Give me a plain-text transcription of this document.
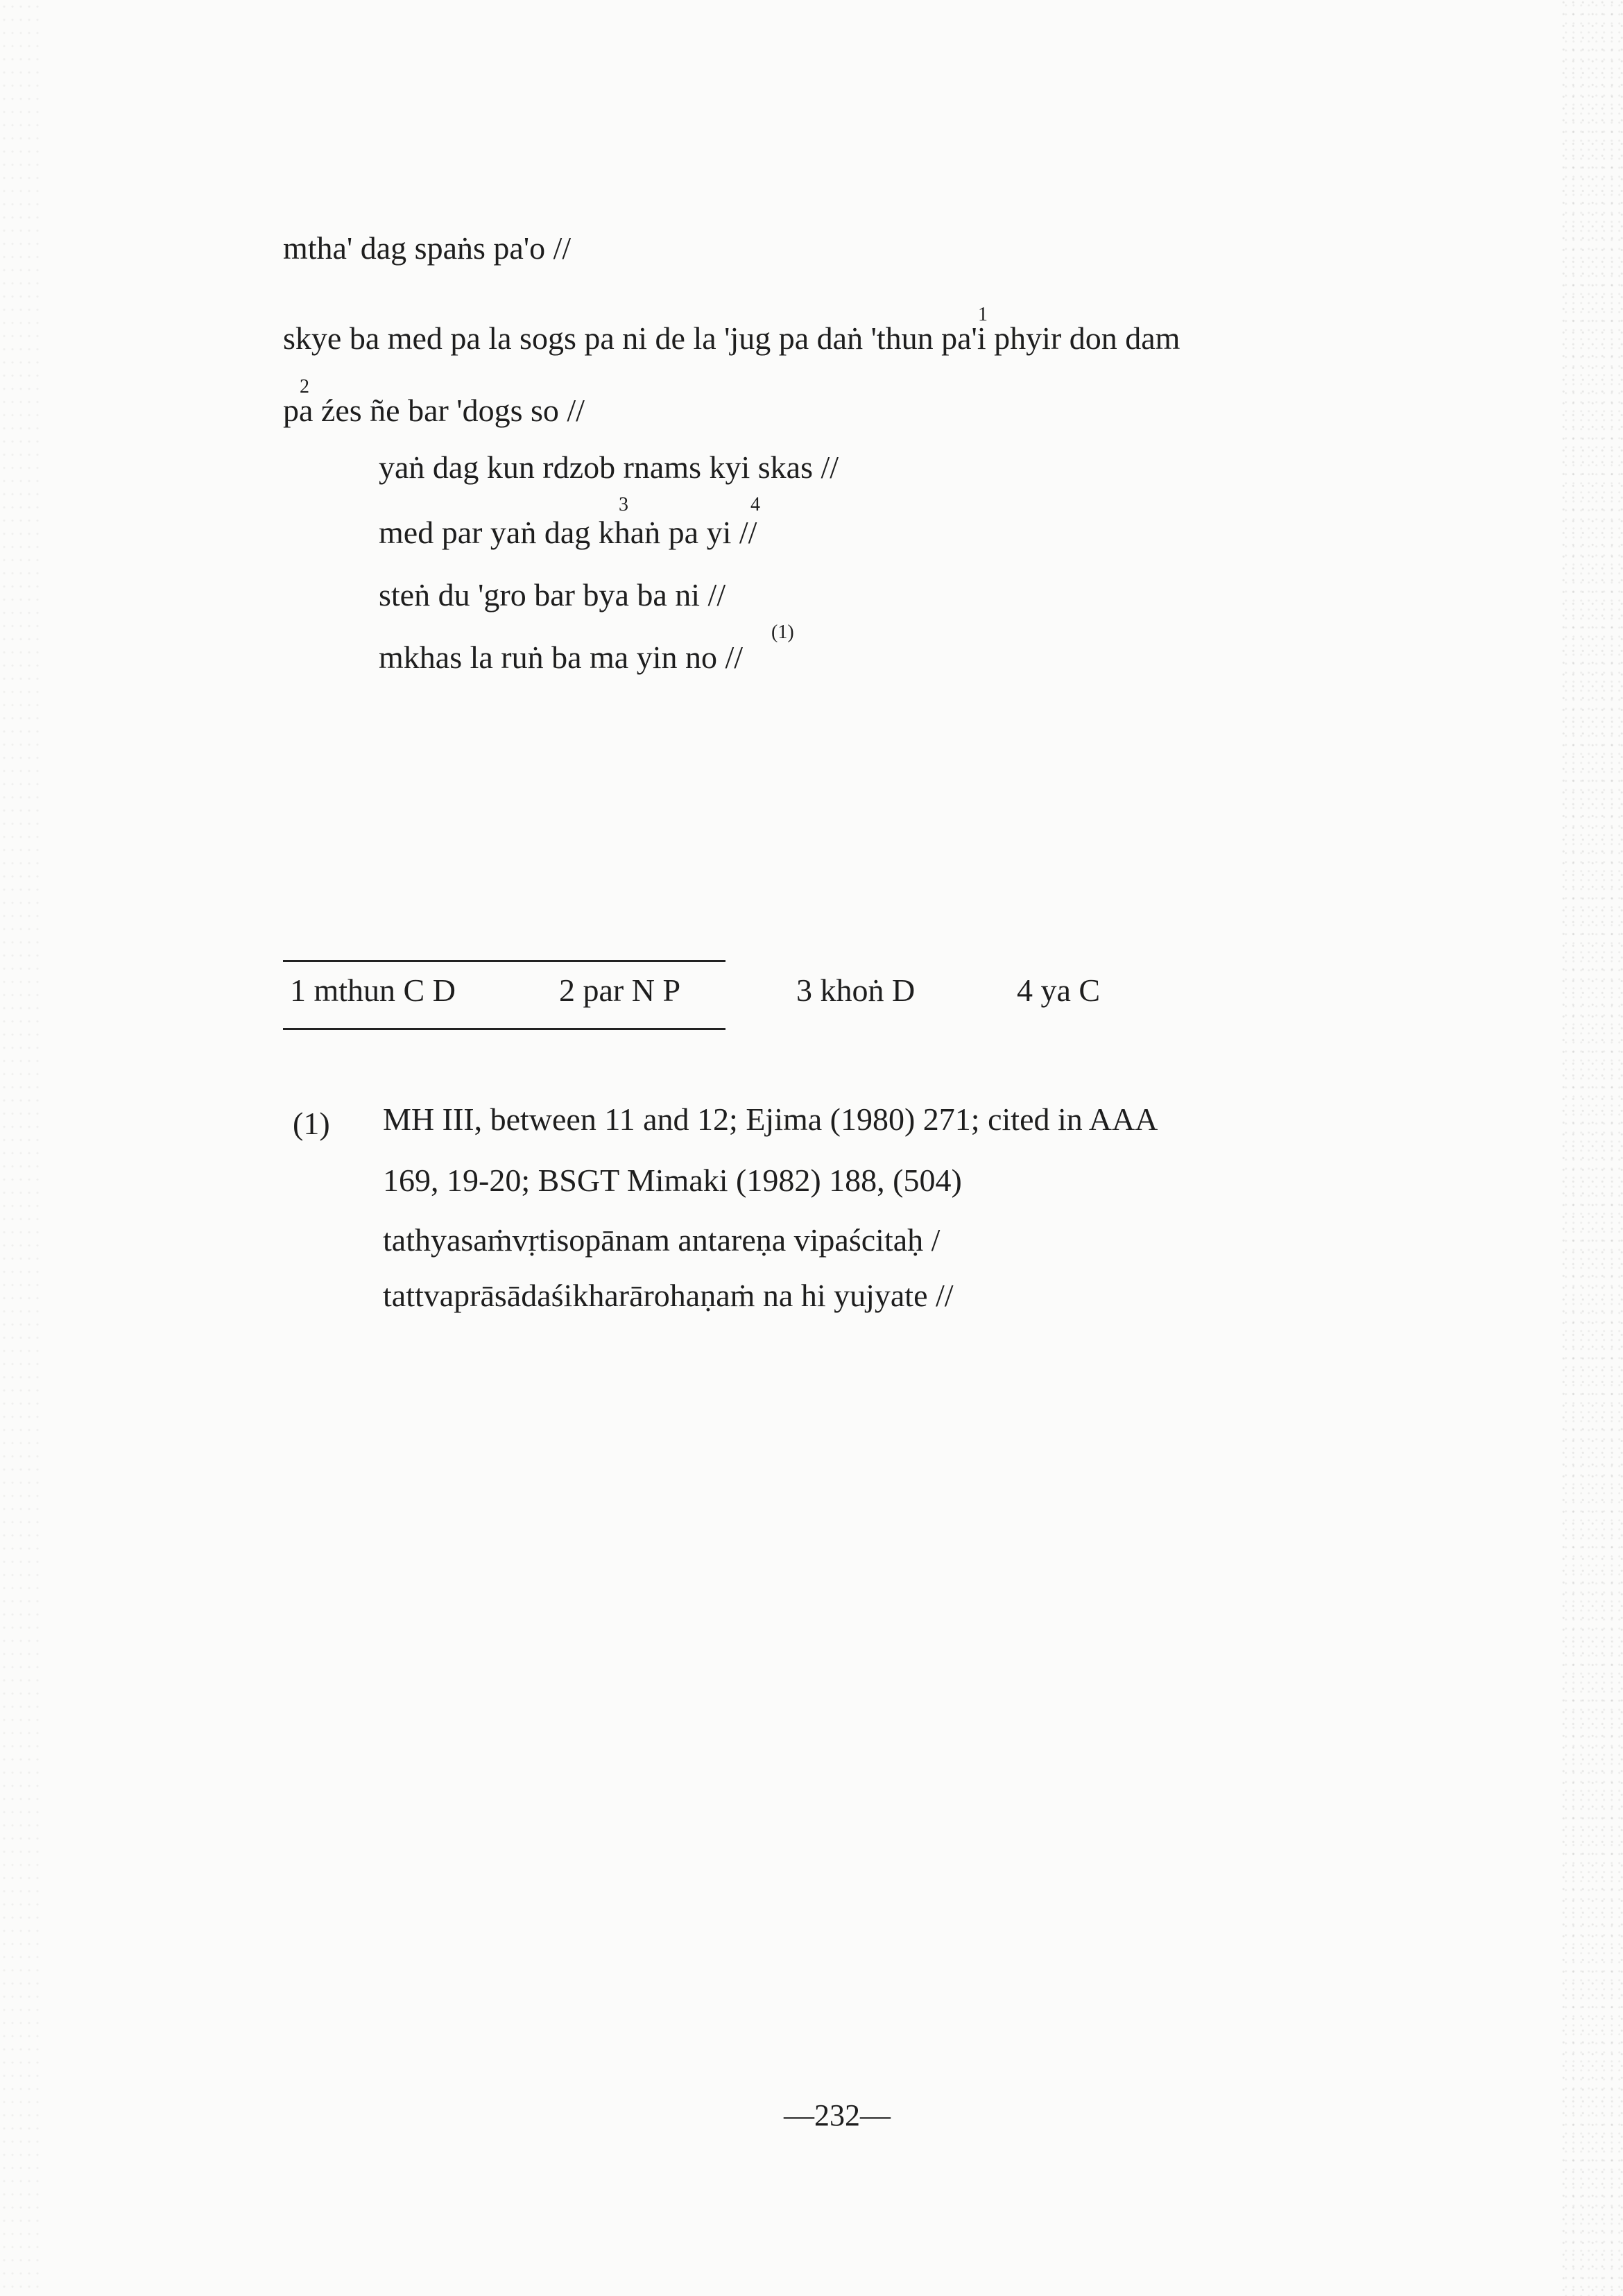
mtha' dag spaṅs pa'o //
1
skye ba med pa la sogs pa ni de la 'jug pa daṅ 'thun pa'i phyir don dam
2
pa źes ñe bar 'dogs so //
yaṅ dag kun rdzob rnams kyi skas //
3	4
med par yaṅ dag khaṅ pa yi //
steṅ du 'gro bar bya ba ni //
mkhas la ruṅ ba ma yin no //
(1)
1 mthun C D	2 par N P	3 khoṅ D	4 ya C
(1) MH III, between 11 and 12; Ejima (1980) 271; cited in AAA
169, 19-20; BSGT Mimaki (1982) 188, (504)
tathyasaṁvṛtisopānam antareṇa vipaścitaḥ /
tattvaprāsādaśikharārohaṇaṁ na hi yujyate //
—232—
